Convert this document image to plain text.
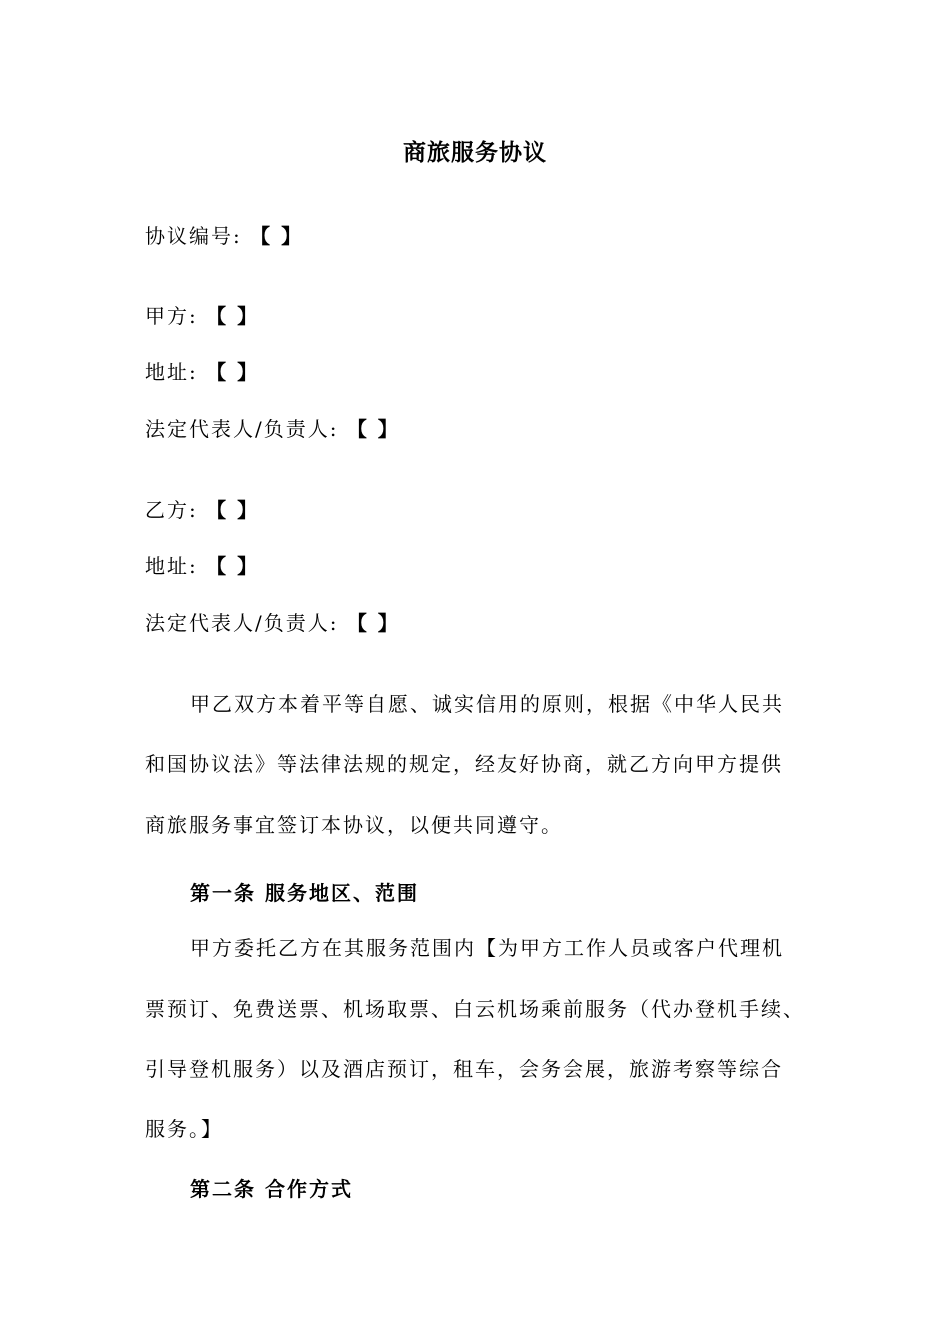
商旅服务协议
协议编号: 【 】
甲方: 【 】
地址: 【 】
法定代表人/负责人: 【 】
乙方: 【 】
地址: 【 】
法定代表人/负责人: 【 】
甲乙双方本着平等自愿、诚实信用的原则，根据《中华人民共
和国协议法》等法律法规的规定，经友好协商，就乙方向甲方提供
商旅服务事宜签订本协议，以便共同遵守。
第一条 服务地区、范围
甲方委托乙方在其服务范围内【为甲方工作人员或客户代理机
票预订、免费送票、机场取票、白云机场乘前服务（代办登机手续、
引导登机服务）以及酒店预订，租车，会务会展，旅游考察等综合
服务。】
第二条 合作方式
